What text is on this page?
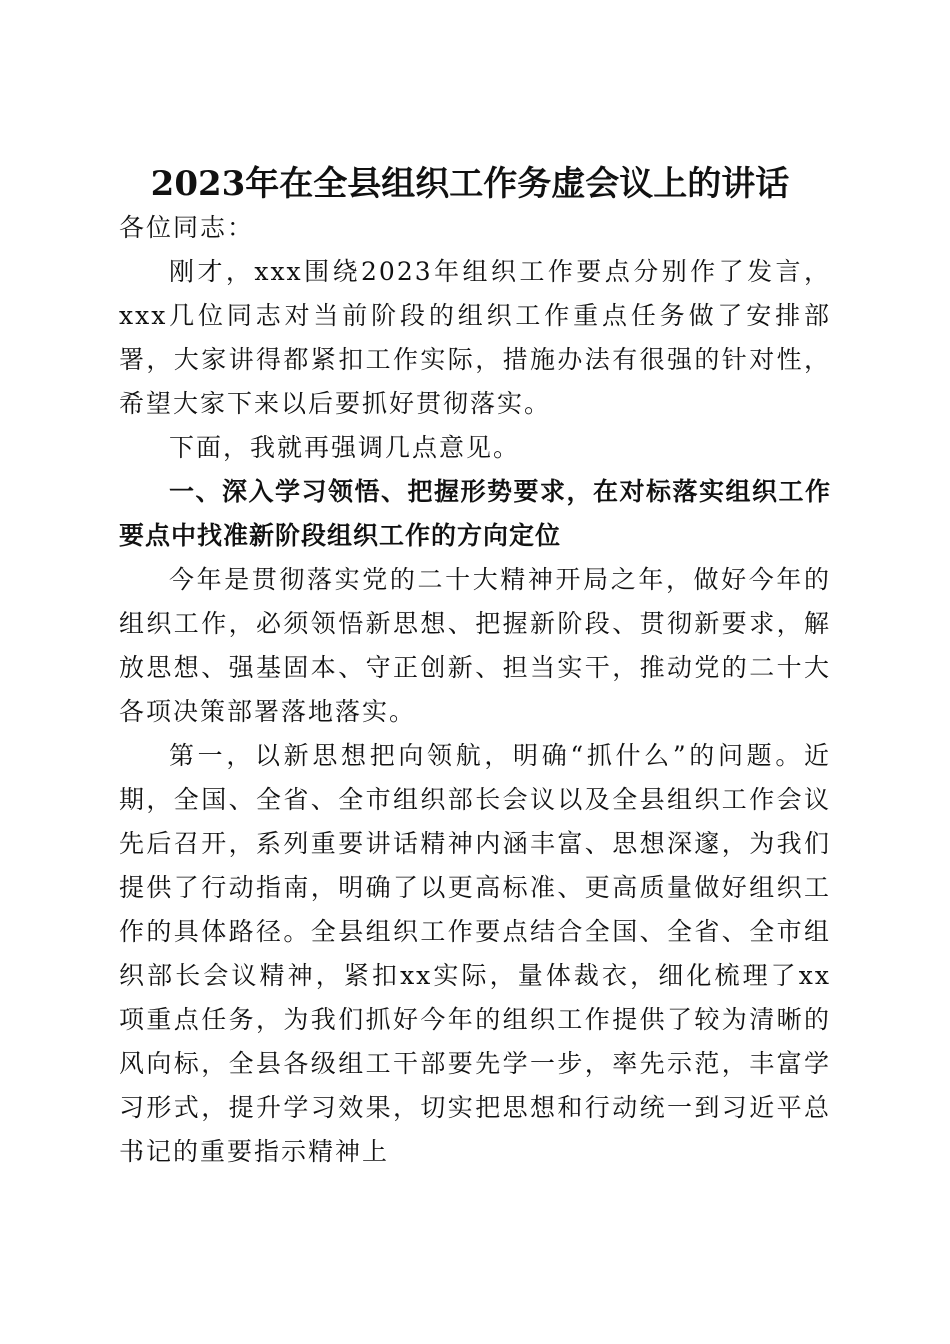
2023年在全县组织工作务虚会议上的讲话

各位同志：

刚才，xxx围绕2023年组织工作要点分别作了发言，xxx几位同志对当前阶段的组织工作重点任务做了安排部署，大家讲得都紧扣工作实际，措施办法有很强的针对性，希望大家下来以后要抓好贯彻落实。

下面，我就再强调几点意见。

一、深入学习领悟、把握形势要求，在对标落实组织工作要点中找准新阶段组织工作的方向定位

今年是贯彻落实党的二十大精神开局之年，做好今年的组织工作，必须领悟新思想、把握新阶段、贯彻新要求，解放思想、强基固本、守正创新、担当实干，推动党的二十大各项决策部署落地落实。

第一，以新思想把向领航，明确“抓什么”的问题。近期，全国、全省、全市组织部长会议以及全县组织工作会议先后召开，系列重要讲话精神内涵丰富、思想深邃，为我们提供了行动指南，明确了以更高标准、更高质量做好组织工作的具体路径。全县组织工作要点结合全国、全省、全市组织部长会议精神，紧扣xx实际，量体裁衣，细化梳理了xx项重点任务，为我们抓好今年的组织工作提供了较为清晰的风向标，全县各级组工干部要先学一步，率先示范，丰富学习形式，提升学习效果，切实把思想和行动统一到习近平总书记的重要指示精神上
